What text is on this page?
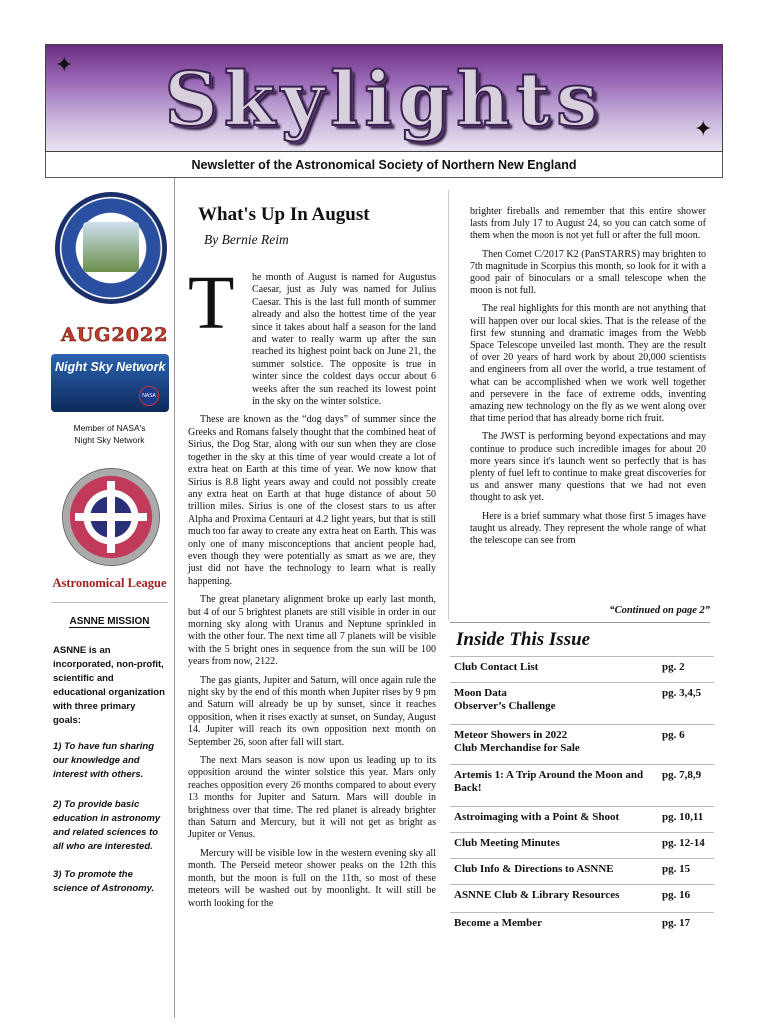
Skylights
✦
✦
Newsletter of the Astronomical Society of Northern New England
AUG2022
Night Sky Network
NASA
Member of NASA's
Night Sky Network
Astronomical League
ASNNE MISSION
ASNNE is an incorporated, non-profit, scientific and educational organization with three primary goals:
1) To have fun sharing our knowledge and interest with others.
2) To provide basic education in astronomy and related sciences to all who are interested.
3) To promote the science of Astronomy.
What's Up In August
By Bernie Reim
T	he month of August is named for Augustus Caesar, just as July was named for Julius Caesar. This is the last full month of summer already and also the hottest time of the year since it takes about half a season for the land and water to really warm up after the sun reached its highest point back on June 21, the summer solstice. The opposite is true in winter since the coldest days occur about 6 weeks after the sun reached its lowest point in the sky on the winter solstice.

These are known as the “dog days” of summer since the Greeks and Romans falsely thought that the combined heat of Sirius, the Dog Star, along with our sun when they are close together in the sky at this time of year would create a lot of extra heat on Earth at this time of year. We now know that Sirius is 8.8 light years away and could not possibly create any extra heat on Earth at that huge distance of about 50 trillion miles. Sirius is one of the closest stars to us after Alpha and Proxima Centauri at 4.2 light years, but that is still much too far away to create any extra heat on Earth. This was only one of many misconceptions that ancient people had, even though they were potentially as smart as we are, they just did not have the technology to learn what is really happening.

The great planetary alignment broke up early last month, but 4 of our 5 brightest planets are still visible in order in our morning sky along with Uranus and Neptune sprinkled in with the other four. The next time all 7 planets will be visible with the 5 bright ones in sequence from the sun will be 100 years from now, 2122.

The gas giants, Jupiter and Saturn, will once again rule the night sky by the end of this month when Jupiter rises by 9 pm and Saturn will already be up by sunset, since it reaches opposition, when it rises exactly at sunset, on Sunday, August 14. Jupiter will reach its own opposition next month on September 26, soon after fall will start.

The next Mars season is now upon us leading up to its opposition around the winter solstice this year. Mars only reaches opposition every 26 months compared to about every 13 months for Jupiter and Saturn. Mars will double in brightness over that time. The red planet is already brighter than Saturn and Mercury, but it will not get as bright as Jupiter or Venus.

Mercury will be visible low in the western evening sky all month. The Perseid meteor shower peaks on the 12th this month, but the moon is full on the 11th, so most of these meteors will be washed out by moonlight. It will still be worth looking for the

brighter fireballs and remember that this entire shower lasts from July 17 to August 24, so you can catch some of them when the moon is not yet full or after the full moon.

Then Comet C/2017 K2 (PanSTARRS) may brighten to 7th magnitude in Scorpius this month, so look for it with a good pair of binoculars or a small telescope when the moon is not full.

The real highlights for this month are not anything that will happen over our local skies. That is the release of the first few stunning and dramatic images from the Webb Space Telescope unveiled last month. They are the result of over 20 years of hard work by about 20,000 scientists and engineers from all over the world, a true testament of what can be accomplished when we work well together and persevere in the face of extreme odds, inventing amazing new technology on the fly as we went along over that time period that has already borne rich fruit.

The JWST is performing beyond expectations and may continue to produce such incredible images for about 20 more years since it's launch went so perfectly that is has plenty of fuel left to continue to make great discoveries for us and answer many questions that we had not even thought to ask yet.

Here is a brief summary what those first 5 images have taught us already. They represent the whole range of what the telescope can see from

“Continued on page 2”
Inside This Issue
Club Contact List	pg. 2
Moon Data
Observer’s Challenge
pg. 3,4,5
Meteor Showers in 2022
Club Merchandise for Sale
pg. 6
Artemis 1: A Trip Around the Moon and Back!
pg. 7,8,9
Astroimaging with a Point & Shoot	pg. 10,11
Club Meeting Minutes	pg. 12-14
Club Info & Directions to ASNNE	pg. 15
ASNNE Club & Library Resources	pg. 16
Become a Member	pg. 17
